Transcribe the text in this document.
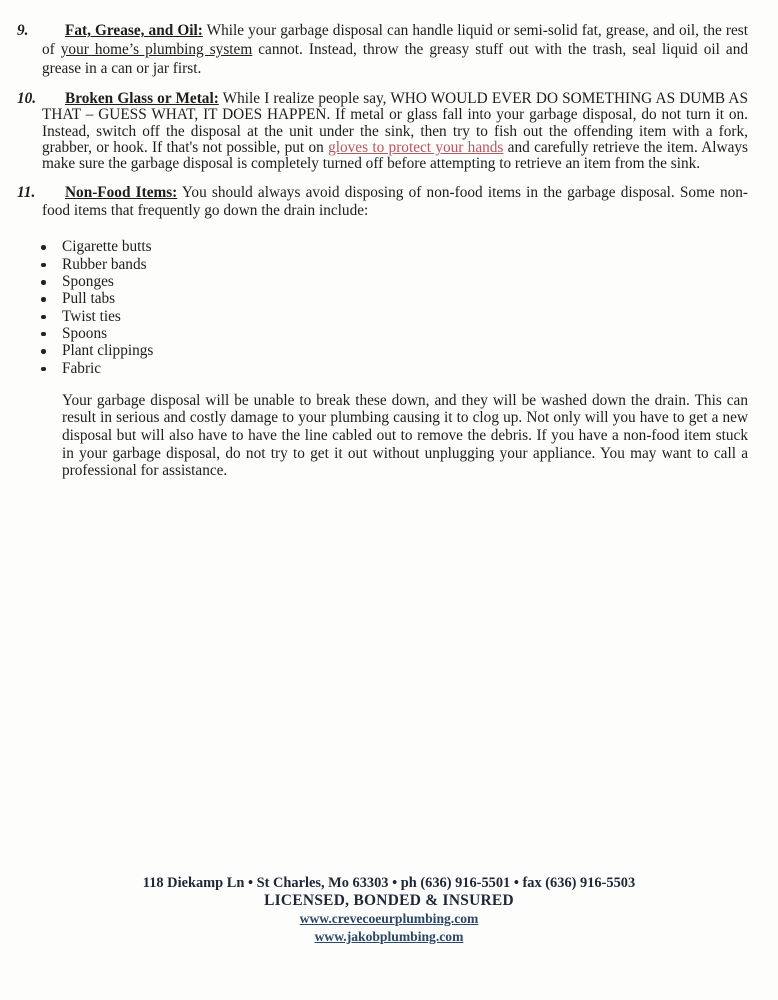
9. Fat, Grease, and Oil: While your garbage disposal can handle liquid or semi-solid fat, grease, and oil, the rest of your home’s plumbing system cannot. Instead, throw the greasy stuff out with the trash, seal liquid oil and grease in a can or jar first.
10. Broken Glass or Metal: While I realize people say, WHO WOULD EVER DO SOMETHING AS DUMB AS THAT – GUESS WHAT, IT DOES HAPPEN. If metal or glass fall into your garbage disposal, do not turn it on. Instead, switch off the disposal at the unit under the sink, then try to fish out the offending item with a fork, grabber, or hook. If that's not possible, put on gloves to protect your hands and carefully retrieve the item. Always make sure the garbage disposal is completely turned off before attempting to retrieve an item from the sink.
11. Non-Food Items: You should always avoid disposing of non-food items in the garbage disposal. Some non-food items that frequently go down the drain include:
Cigarette butts
Rubber bands
Sponges
Pull tabs
Twist ties
Spoons
Plant clippings
Fabric

Your garbage disposal will be unable to break these down, and they will be washed down the drain. This can result in serious and costly damage to your plumbing causing it to clog up. Not only will you have to get a new disposal but will also have to have the line cabled out to remove the debris. If you have a non-food item stuck in your garbage disposal, do not try to get it out without unplugging your appliance. You may want to call a professional for assistance.

118 Diekamp Ln • St Charles, Mo 63303 • ph (636) 916-5501 • fax (636) 916-5503
LICENSED, BONDED & INSURED
www.crevecoeurplumbing.com
www.jakobplumbing.com
